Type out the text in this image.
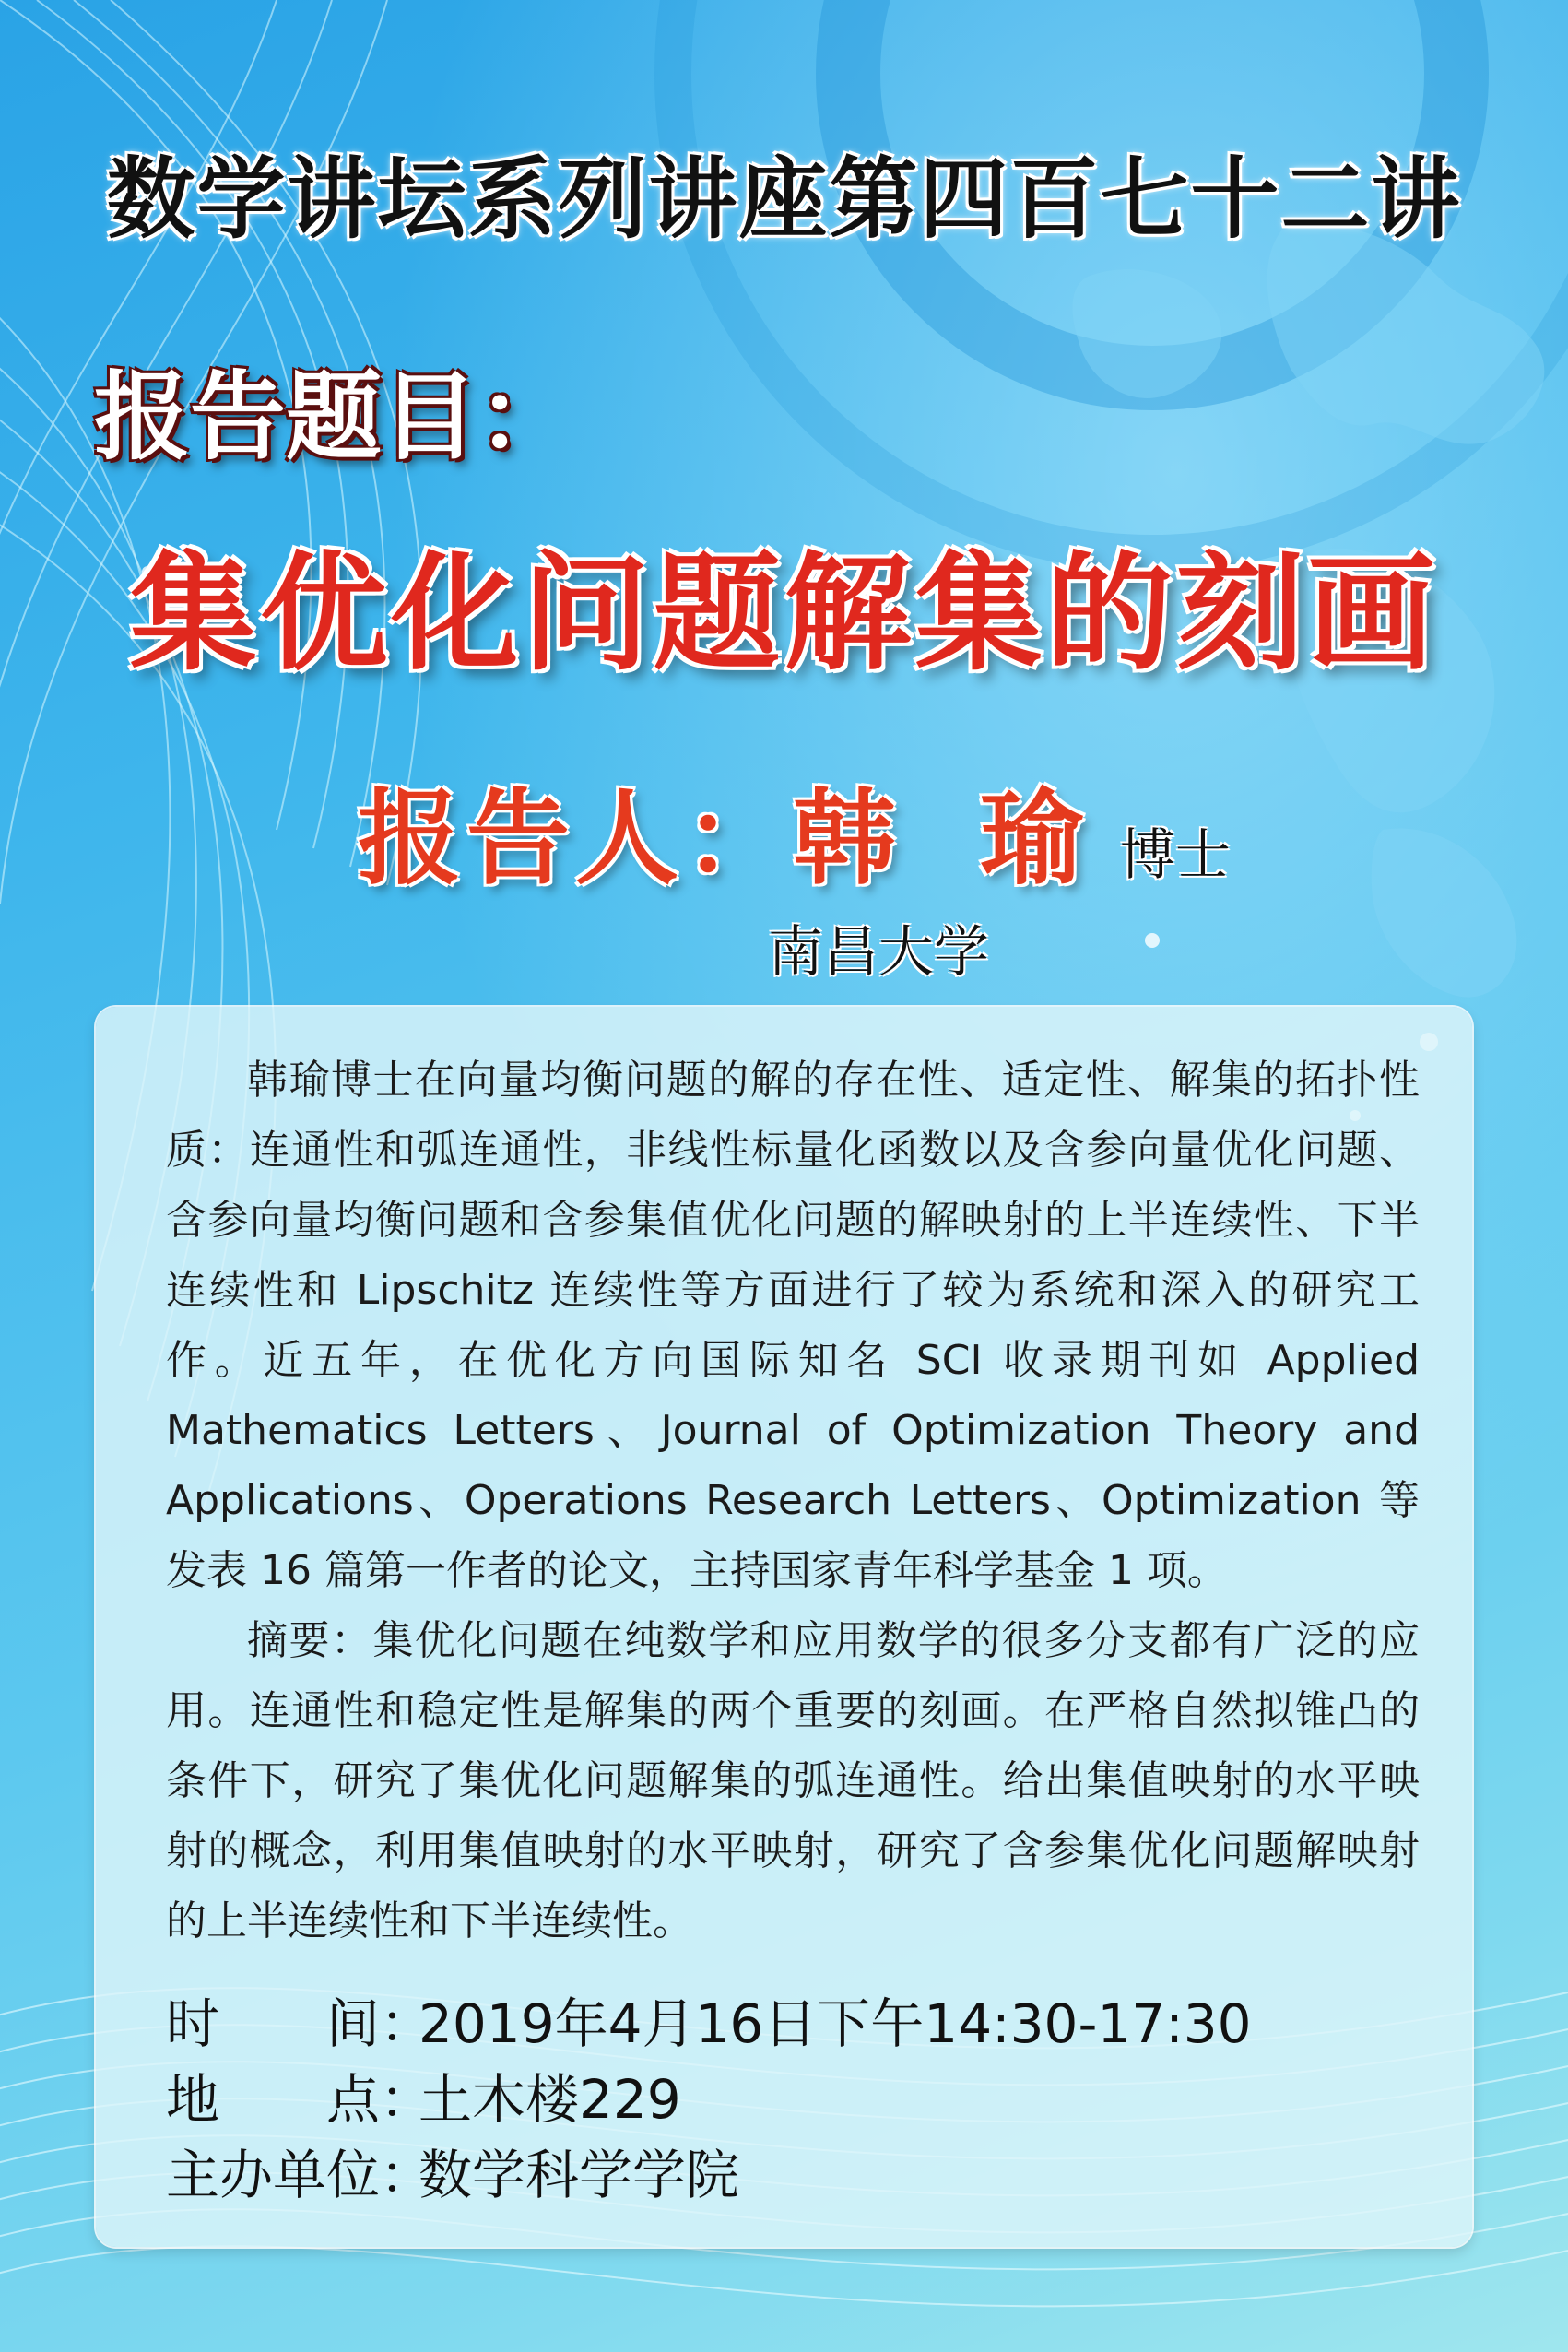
数学讲坛系列讲座第四百七十二讲
报告题目：
集优化问题解集的刻画
报告人：韩 瑜 博士
南昌大学

韩瑜博士在向量均衡问题的解的存在性、适定性、解集的拓扑性质：连通性和弧连通性，非线性标量化函数以及含参向量优化问题、含参向量均衡问题和含参集值优化问题的解映射的上半连续性、下半连续性和 Lipschitz 连续性等方面进行了较为系统和深入的研究工作。近五年，在优化方向国际知名 SCI 收录期刊如 Applied Mathematics Letters、Journal of Optimization Theory and Applications、Operations Research Letters、Optimization 等发表 16 篇第一作者的论文，主持国家青年科学基金 1 项。

摘要：集优化问题在纯数学和应用数学的很多分支都有广泛的应用。连通性和稳定性是解集的两个重要的刻画。在严格自然拟锥凸的条件下，研究了集优化问题解集的弧连通性。给出集值映射的水平映射的概念，利用集值映射的水平映射，研究了含参集优化问题解映射的上半连续性和下半连续性。

时　　间：2019年4月16日下午14:30-17:30
地　　点：土木楼229
主办单位：数学科学学院
